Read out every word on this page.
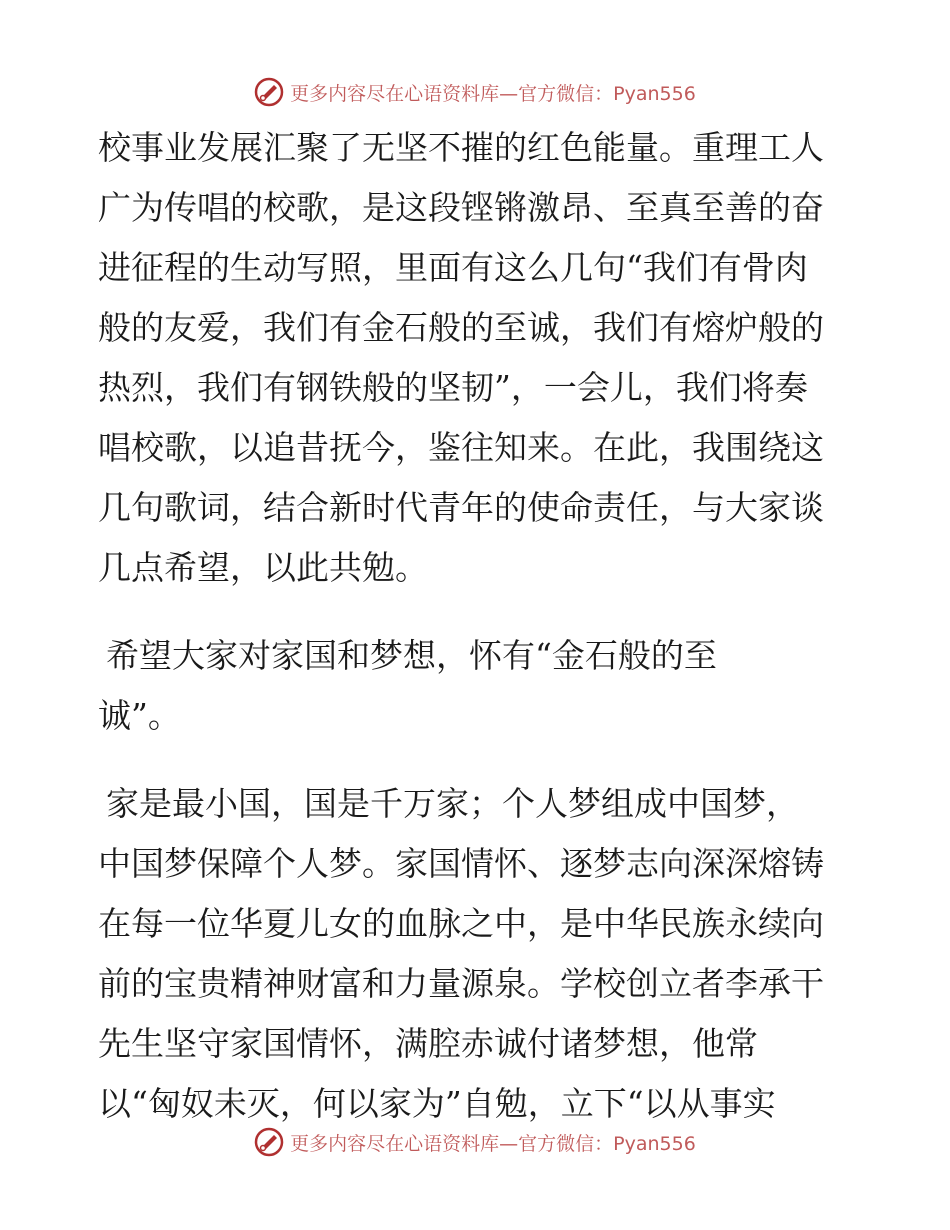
更多内容尽在心语资料库—官方微信：Pyan556
校事业发展汇聚了无坚不摧的红色能量。重理工人
广为传唱的校歌，是这段铿锵激昂、至真至善的奋
进征程的生动写照，里面有这么几句“我们有骨肉
般的友爱，我们有金石般的至诚，我们有熔炉般的
热烈，我们有钢铁般的坚韧”，一会儿，我们将奏
唱校歌，以追昔抚今，鉴往知来。在此，我围绕这
几句歌词，结合新时代青年的使命责任，与大家谈
几点希望，以此共勉。
希望大家对家国和梦想，怀有“金石般的至
诚”。
家是最小国，国是千万家；个人梦组成中国梦，
中国梦保障个人梦。家国情怀、逐梦志向深深熔铸
在每一位华夏儿女的血脉之中，是中华民族永续向
前的宝贵精神财富和力量源泉。学校创立者李承干
先生坚守家国情怀，满腔赤诚付诸梦想，他常
以“匈奴未灭，何以家为”自勉，立下“以从事实
更多内容尽在心语资料库—官方微信：Pyan556
